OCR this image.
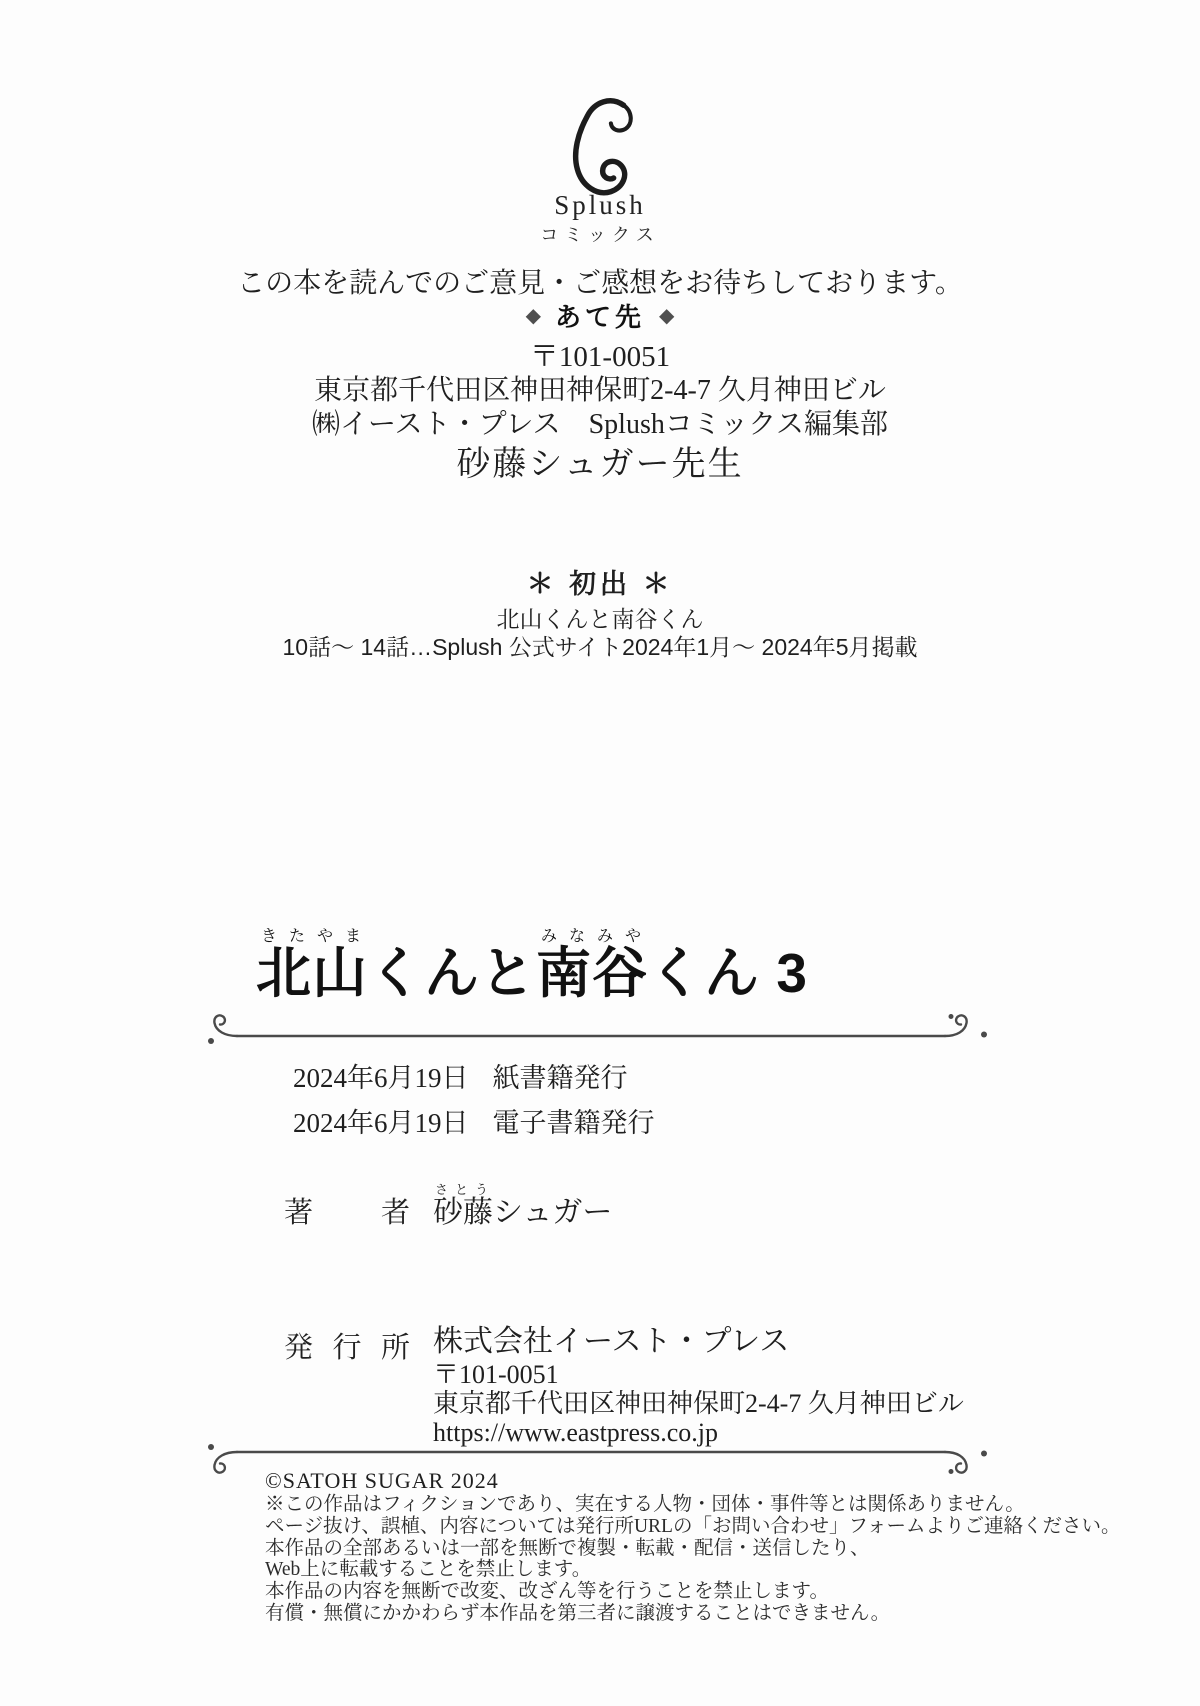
Splush
コミックス
この本を読んでのご意見・ご感想をお待ちしております。
◆ あて先 ◆
〒101-0051
東京都千代田区神田神保町2-4-7 久月神田ビル
㈱イースト・プレス　Splushコミックス編集部
砂藤シュガー先生
＊ 初出 ＊
北山くんと南谷くん
10話～ 14話…Splush 公式サイト2024年1月～ 2024年5月掲載
北山きたやまくんと南谷みなみやくん 3
2024年6月19日 紙書籍発行
2024年6月19日 電子書籍発行
著 者 砂藤さとうシュガー
発 行 所 株式会社イースト・プレス
〒101-0051
東京都千代田区神田神保町2-4-7 久月神田ビル
https://www.eastpress.co.jp
©SATOH SUGAR 2024
※この作品はフィクションであり、実在する人物・団体・事件等とは関係ありません。
ページ抜け、誤植、内容については発行所URLの「お問い合わせ」フォームよりご連絡ください。
本作品の全部あるいは一部を無断で複製・転載・配信・送信したり、
Web上に転載することを禁止します。
本作品の内容を無断で改変、改ざん等を行うことを禁止します。
有償・無償にかかわらず本作品を第三者に譲渡することはできません。
